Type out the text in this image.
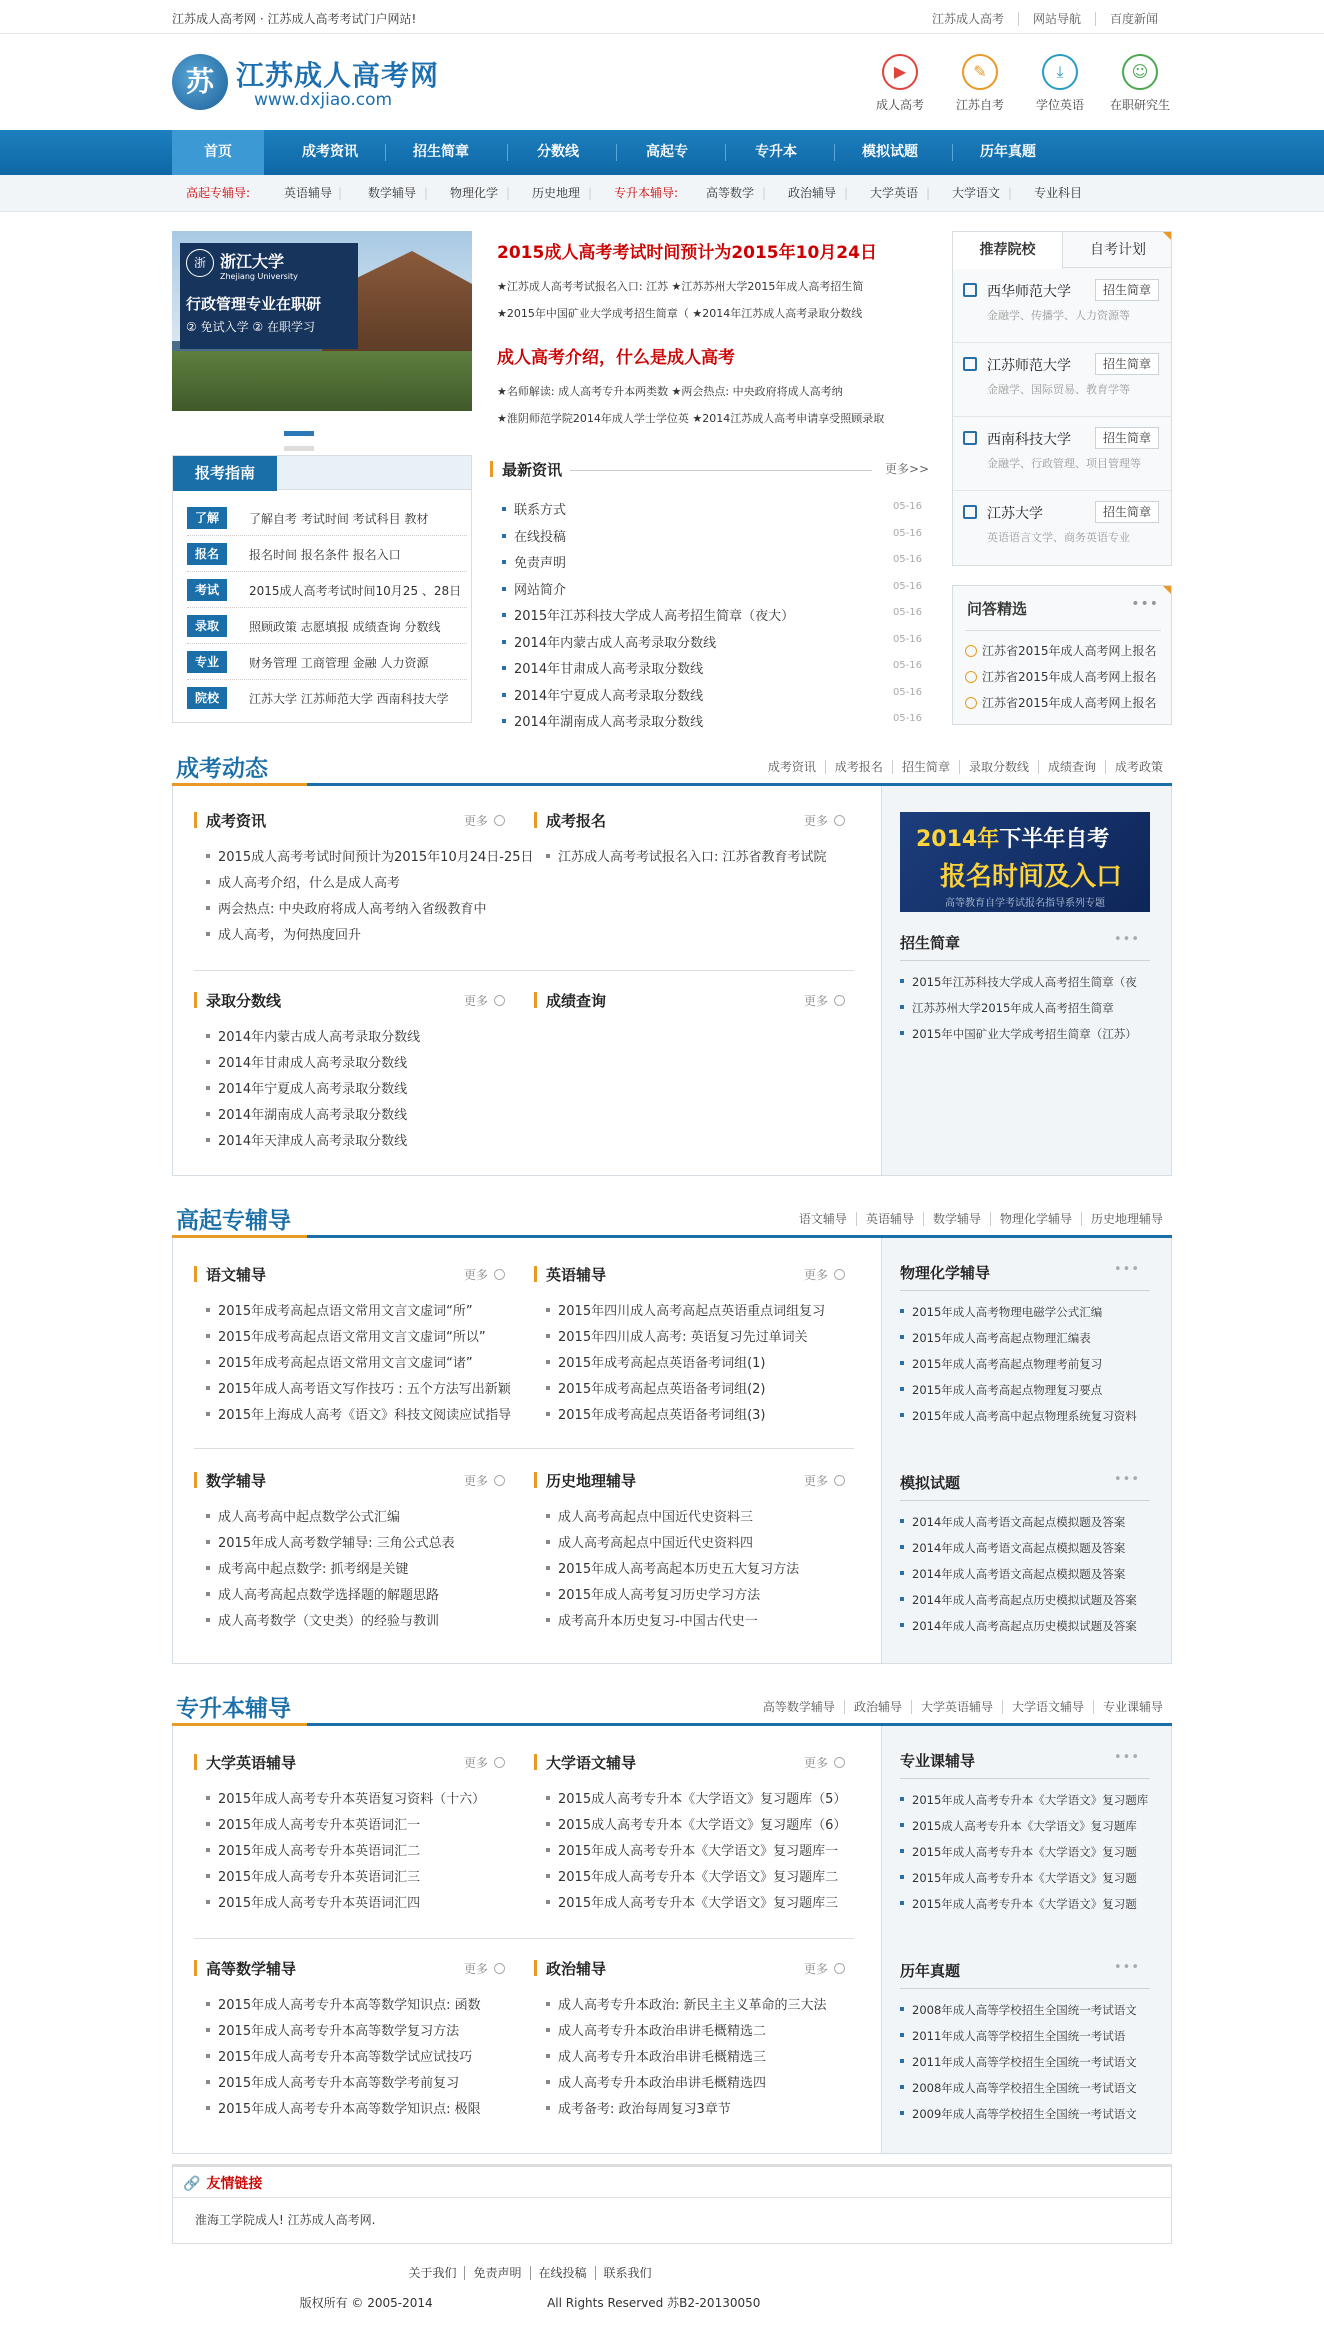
江苏成人高考网 · 江苏成人高考考试门户网站!	江苏成人高考 网站导航 百度新闻
苏 江苏成人高考网
www.dxjiao.com
▶
成人高考
✎
江苏自考
⤓
学位英语
☺
在职研究生
首页	成考资讯	招生简章	分数线	高起专	专升本	模拟试题	历年真题
高起专辅导:	英语辅导 | 数学辅导 | 物理化学 | 历史地理 | 专升本辅导: 高等数学 | 政治辅导 | 大学英语 | 大学语文 | 专业科目
浙 浙江大学
Zhejiang University
行政管理专业在职研
② 免试入学 ② 在职学习
2015成人高考考试时间预计为2015年10月24日
★江苏成人高考考试报名入口: 江苏 ★江苏苏州大学2015年成人高考招生简
★2015年中国矿业大学成考招生简章（ ★2014年江苏成人高考录取分数线
成人高考介绍，什么是成人高考
★名师解读: 成人高考专升本两类数 ★两会热点: 中央政府将成人高考纳
★淮阴师范学院2014年成人学士学位英 ★2014江苏成人高考申请享受照顾录取
推荐院校	自考计划
西华师范大学
金融学、传播学、人力资源等
招生简章
江苏师范大学
金融学、国际贸易、教育学等
招生简章
西南科技大学
金融学、行政管理、项目管理等
招生简章
江苏大学
英语语言文学、商务英语专业
招生简章
问答精选	•••
江苏省2015年成人高考网上报名
江苏省2015年成人高考网上报名
江苏省2015年成人高考网上报名
报考指南
了解	了解自考 考试时间 考试科目 教材
报名	报名时间 报名条件 报名入口
考试	2015成人高考考试时间10月25 、28日
录取	照顾政策 志愿填报 成绩查询 分数线
专业	财务管理 工商管理 金融 人力资源
院校	江苏大学 江苏师范大学 西南科技大学
最新资讯	更多>>
联系方式	05-16
在线投稿	05-16
免责声明	05-16
网站简介	05-16
2015年江苏科技大学成人高考招生简章（夜大）	05-16
2014年内蒙古成人高考录取分数线	05-16
2014年甘肃成人高考录取分数线	05-16
2014年宁夏成人高考录取分数线	05-16
2014年湖南成人高考录取分数线	05-16
成考动态	成考资讯 成考报名 招生简章 录取分数线 成绩查询 成考政策
2014年下半年自考
报名时间及入口
高等教育自学考试报名指导系列专题
高起专辅导	语文辅导 英语辅导 数学辅导 物理化学辅导 历史地理辅导
专升本辅导	高等数学辅导 政治辅导 大学英语辅导 大学语文辅导 专业课辅导
成考资讯	更多
2015成人高考考试时间预计为2015年10月24日-25日
成人高考介绍，什么是成人高考
两会热点: 中央政府将成人高考纳入省级教育中
成人高考，为何热度回升
成考报名	更多
江苏成人高考考试报名入口: 江苏省教育考试院
录取分数线	更多
2014年内蒙古成人高考录取分数线
2014年甘肃成人高考录取分数线
2014年宁夏成人高考录取分数线
2014年湖南成人高考录取分数线
2014年天津成人高考录取分数线
成绩查询	更多
招生简章	•••
2015年江苏科技大学成人高考招生简章（夜
江苏苏州大学2015年成人高考招生简章
2015年中国矿业大学成考招生简章（江苏）
语文辅导	更多
2015年成考高起点语文常用文言文虚词“所”
2015年成考高起点语文常用文言文虚词“所以”
2015年成考高起点语文常用文言文虚词“诸”
2015年成人高考语文写作技巧 : 五个方法写出新颖
2015年上海成人高考《语文》科技文阅读应试指导
英语辅导	更多
2015年四川成人高考高起点英语重点词组复习
2015年四川成人高考: 英语复习先过单词关
2015年成考高起点英语备考词组(1)
2015年成考高起点英语备考词组(2)
2015年成考高起点英语备考词组(3)
数学辅导	更多
成人高考高中起点数学公式汇编
2015年成人高考数学辅导: 三角公式总表
成考高中起点数学: 抓考纲是关键
成人高考高起点数学选择题的解题思路
成人高考数学（文史类）的经验与教训
历史地理辅导	更多
成人高考高起点中国近代史资料三
成人高考高起点中国近代史资料四
2015年成人高考高起本历史五大复习方法
2015年成人高考复习历史学习方法
成考高升本历史复习-中国古代史一
物理化学辅导	•••
2015年成人高考物理电磁学公式汇编
2015年成人高考高起点物理汇编表
2015年成人高考高起点物理考前复习
2015年成人高考高起点物理复习要点
2015年成人高考高中起点物理系统复习资料
模拟试题	•••
2014年成人高考语文高起点模拟题及答案
2014年成人高考语文高起点模拟题及答案
2014年成人高考语文高起点模拟题及答案
2014年成人高考高起点历史模拟试题及答案
2014年成人高考高起点历史模拟试题及答案
大学英语辅导	更多
2015年成人高考专升本英语复习资料（十六）
2015年成人高考专升本英语词汇一
2015年成人高考专升本英语词汇二
2015年成人高考专升本英语词汇三
2015年成人高考专升本英语词汇四
大学语文辅导	更多
2015成人高考专升本《大学语文》复习题库（5）
2015成人高考专升本《大学语文》复习题库（6）
2015年成人高考专升本《大学语文》复习题库一
2015年成人高考专升本《大学语文》复习题库二
2015年成人高考专升本《大学语文》复习题库三
高等数学辅导	更多
2015年成人高考专升本高等数学知识点: 函数
2015年成人高考专升本高等数学复习方法
2015年成人高考专升本高等数学试应试技巧
2015年成人高考专升本高等数学考前复习
2015年成人高考专升本高等数学知识点: 极限
政治辅导	更多
成人高考专升本政治: 新民主主义革命的三大法
成人高考专升本政治串讲毛概精选二
成人高考专升本政治串讲毛概精选三
成人高考专升本政治串讲毛概精选四
成考备考: 政治每周复习3章节
专业课辅导	•••
2015年成人高考专升本《大学语文》复习题库
2015成人高考专升本《大学语文》复习题库
2015年成人高考专升本《大学语文》复习题
2015年成人高考专升本《大学语文》复习题
2015年成人高考专升本《大学语文》复习题
历年真题	•••
2008年成人高等学校招生全国统一考试语文
2011年成人高等学校招生全国统一考试语
2011年成人高等学校招生全国统一考试语文
2008年成人高等学校招生全国统一考试语文
2009年成人高等学校招生全国统一考试语文
🔗 友情链接
淮海工学院成人! 江苏成人高考网.
关于我们 免责声明 在线投稿 联系我们
版权所有 © 2005-2014                              All Rights Reserved 苏B2-20130050
